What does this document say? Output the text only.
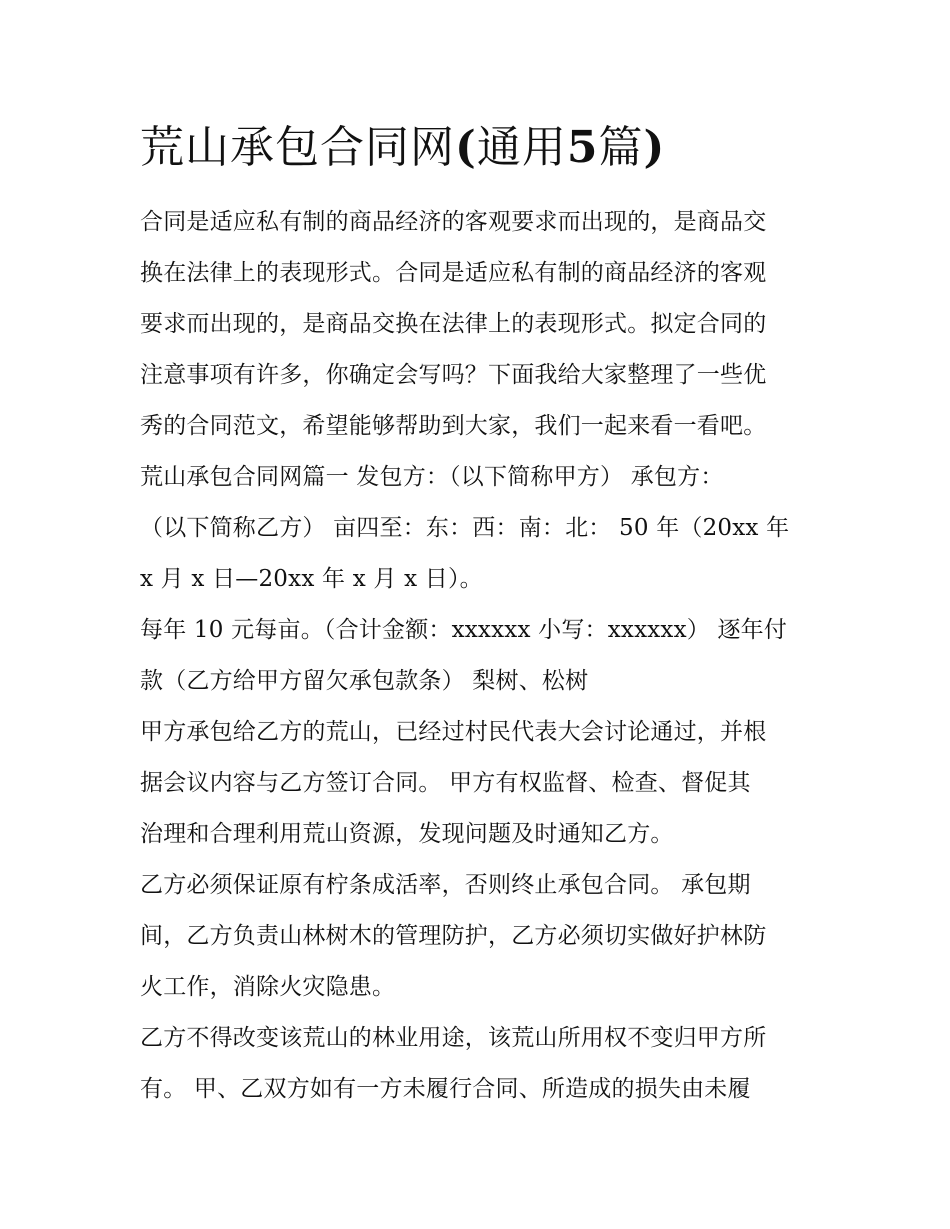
荒山承包合同网(通用5篇)
合同是适应私有制的商品经济的客观要求而出现的，是商品交
换在法律上的表现形式。合同是适应私有制的商品经济的客观
要求而出现的，是商品交换在法律上的表现形式。拟定合同的
注意事项有许多，你确定会写吗？下面我给大家整理了一些优
秀的合同范文，希望能够帮助到大家，我们一起来看一看吧。
荒山承包合同网篇一 发包方：（以下简称甲方） 承包方：
（以下简称乙方） 亩四至：东：西：南：北： 50 年（20xx 年
x 月 x 日—20xx 年 x 月 x 日）。
每年 10 元每亩。（合计金额：xxxxxx 小写：xxxxxx） 逐年付
款（乙方给甲方留欠承包款条） 梨树、松树
甲方承包给乙方的荒山，已经过村民代表大会讨论通过，并根
据会议内容与乙方签订合同。 甲方有权监督、检查、督促其
治理和合理利用荒山资源，发现问题及时通知乙方。
乙方必须保证原有柠条成活率，否则终止承包合同。 承包期
间，乙方负责山林树木的管理防护，乙方必须切实做好护林防
火工作，消除火灾隐患。
乙方不得改变该荒山的林业用途，该荒山所用权不变归甲方所
有。 甲、乙双方如有一方未履行合同、所造成的损失由未履
